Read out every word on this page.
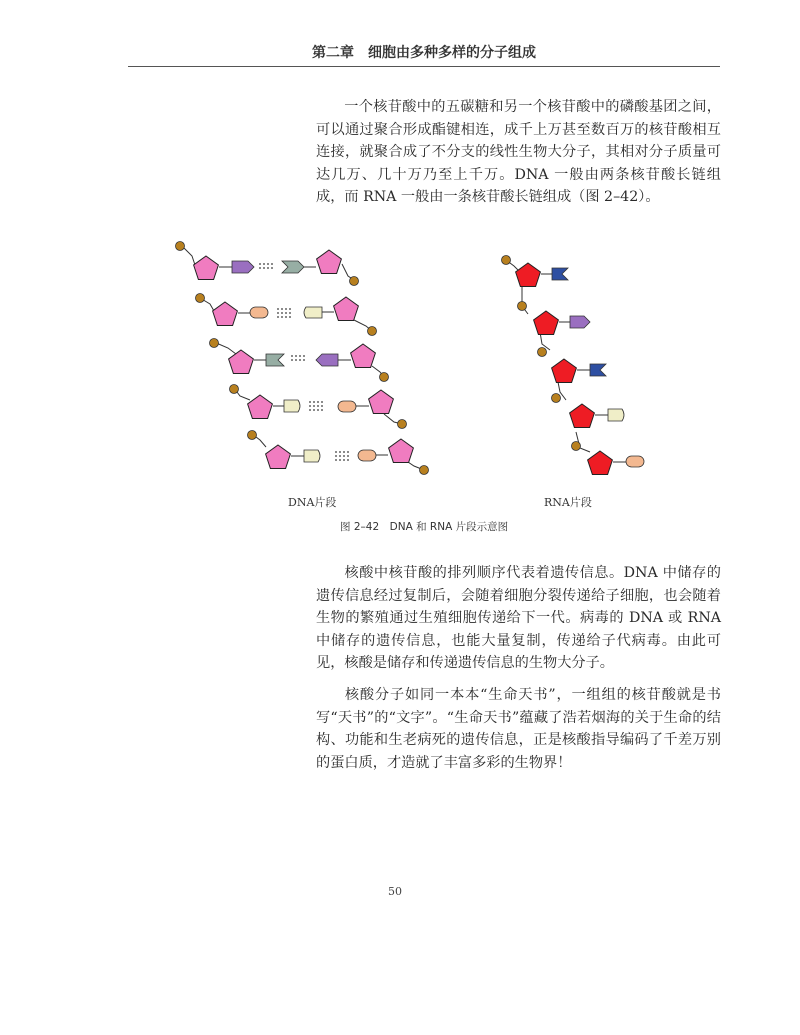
第二章　细胞由多种多样的分子组成
一个核苷酸中的五碳糖和另一个核苷酸中的磷酸基团之间，可以通过聚合形成酯键相连，成千上万甚至数百万的核苷酸相互连接，就聚合成了不分支的线性生物大分子，其相对分子质量可达几万、几十万乃至上千万。DNA 一般由两条核苷酸长链组成，而 RNA 一般由一条核苷酸长链组成（图 2–42）。
DNA片段	RNA片段
图 2–42　DNA 和 RNA 片段示意图
核酸中核苷酸的排列顺序代表着遗传信息。DNA 中储存的遗传信息经过复制后，会随着细胞分裂传递给子细胞，也会随着生物的繁殖通过生殖细胞传递给下一代。病毒的 DNA 或 RNA 中储存的遗传信息，也能大量复制，传递给子代病毒。由此可见，核酸是储存和传递遗传信息的生物大分子。
核酸分子如同一本本“生命天书”，一组组的核苷酸就是书写“天书”的“文字”。“生命天书”蕴藏了浩若烟海的关于生命的结构、功能和生老病死的遗传信息，正是核酸指导编码了千差万别的蛋白质，才造就了丰富多彩的生物界！
50
